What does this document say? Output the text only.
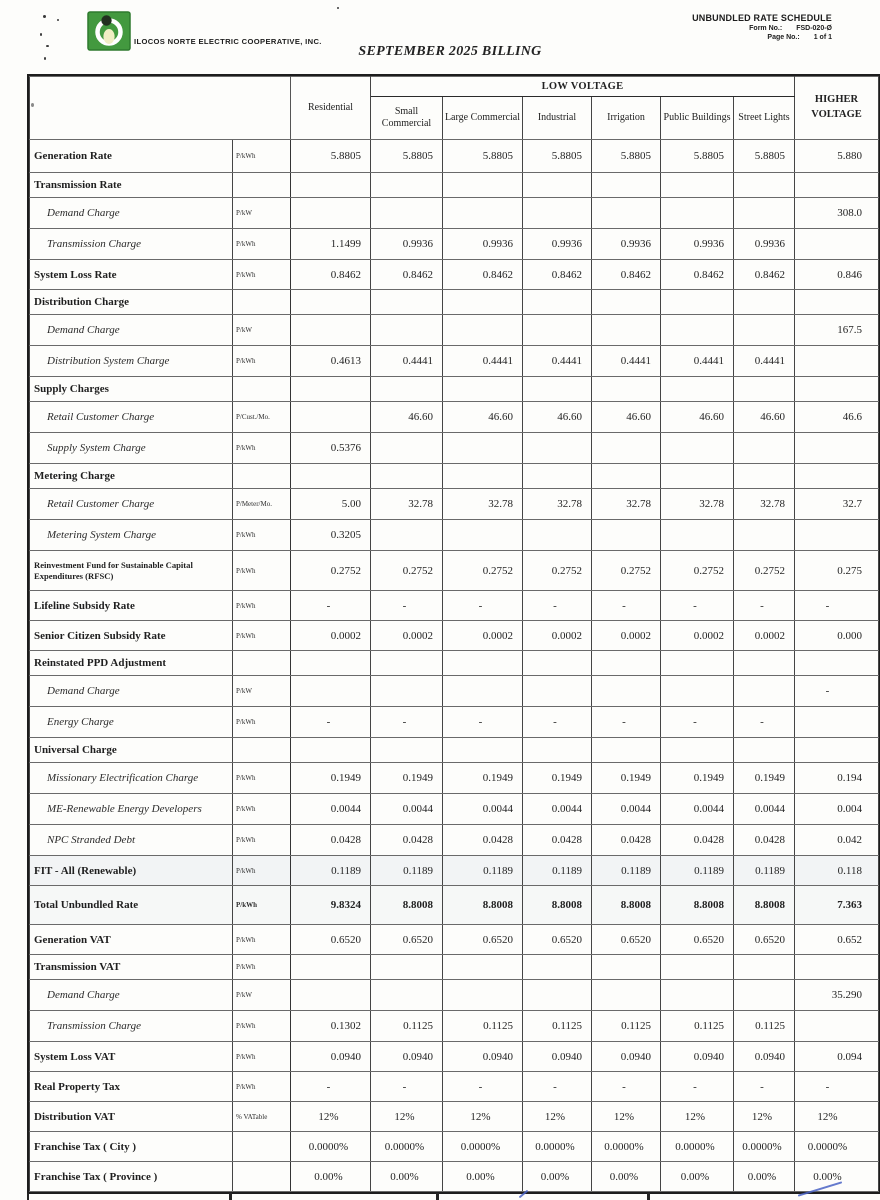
ILOCOS NORTE ELECTRIC COOPERATIVE, INC.
UNBUNDLED RATE SCHEDULE
Form No.: FSD-020-Ø
Page No.: 1 of 1
SEPTEMBER 2025 BILLING
		Residential	LOW VOLTAGE						HIGHER VOLTAGE
			Small Commercial	Large Commercial	Industrial	Irrigation	Public Buildings	Street Lights	
Generation Rate	P/kWh	5.8805	5.8805	5.8805	5.8805	5.8805	5.8805	5.8805	5.880
Transmission Rate									
Demand Charge	P/kW								308.0
Transmission Charge	P/kWh	1.1499	0.9936	0.9936	0.9936	0.9936	0.9936	0.9936	
System Loss Rate	P/kWh	0.8462	0.8462	0.8462	0.8462	0.8462	0.8462	0.8462	0.846
Distribution Charge									
Demand Charge	P/kW								167.5
Distribution System Charge	P/kWh	0.4613	0.4441	0.4441	0.4441	0.4441	0.4441	0.4441	
Supply Charges									
Retail Customer Charge	P/Cust./Mo.		46.60	46.60	46.60	46.60	46.60	46.60	46.6
Supply System Charge	P/kWh	0.5376							
Metering Charge									
Retail Customer Charge	P/Meter/Mo.	5.00	32.78	32.78	32.78	32.78	32.78	32.78	32.7
Metering System Charge	P/kWh	0.3205							
Reinvestment Fund for Sustainable Capital Expenditures (RFSC)	P/kWh	0.2752	0.2752	0.2752	0.2752	0.2752	0.2752	0.2752	0.275
Lifeline Subsidy Rate	P/kWh	-	-	-	-	-	-	-	-
Senior Citizen Subsidy Rate	P/kWh	0.0002	0.0002	0.0002	0.0002	0.0002	0.0002	0.0002	0.000
Reinstated PPD Adjustment									
Demand Charge	P/kW								-
Energy Charge	P/kWh	-	-	-	-	-	-	-	
Universal Charge									
Missionary Electrification Charge	P/kWh	0.1949	0.1949	0.1949	0.1949	0.1949	0.1949	0.1949	0.194
ME-Renewable Energy Developers	P/kWh	0.0044	0.0044	0.0044	0.0044	0.0044	0.0044	0.0044	0.004
NPC Stranded Debt	P/kWh	0.0428	0.0428	0.0428	0.0428	0.0428	0.0428	0.0428	0.042
FIT - All (Renewable)	P/kWh	0.1189	0.1189	0.1189	0.1189	0.1189	0.1189	0.1189	0.118
Total Unbundled Rate	P/kWh	9.8324	8.8008	8.8008	8.8008	8.8008	8.8008	8.8008	7.363
Generation VAT	P/kWh	0.6520	0.6520	0.6520	0.6520	0.6520	0.6520	0.6520	0.652
Transmission VAT	P/kWh								
Demand Charge	P/kW								35.290
Transmission Charge	P/kWh	0.1302	0.1125	0.1125	0.1125	0.1125	0.1125	0.1125	
System Loss VAT	P/kWh	0.0940	0.0940	0.0940	0.0940	0.0940	0.0940	0.0940	0.094
Real Property Tax	P/kWh	-	-	-	-	-	-	-	-
Distribution VAT	% VATable	12%	12%	12%	12%	12%	12%	12%	12%
Franchise Tax ( City )		0.0000%	0.0000%	0.0000%	0.0000%	0.0000%	0.0000%	0.0000%	0.0000%
Franchise Tax ( Province )		0.00%	0.00%	0.00%	0.00%	0.00%	0.00%	0.00%	0.00%
